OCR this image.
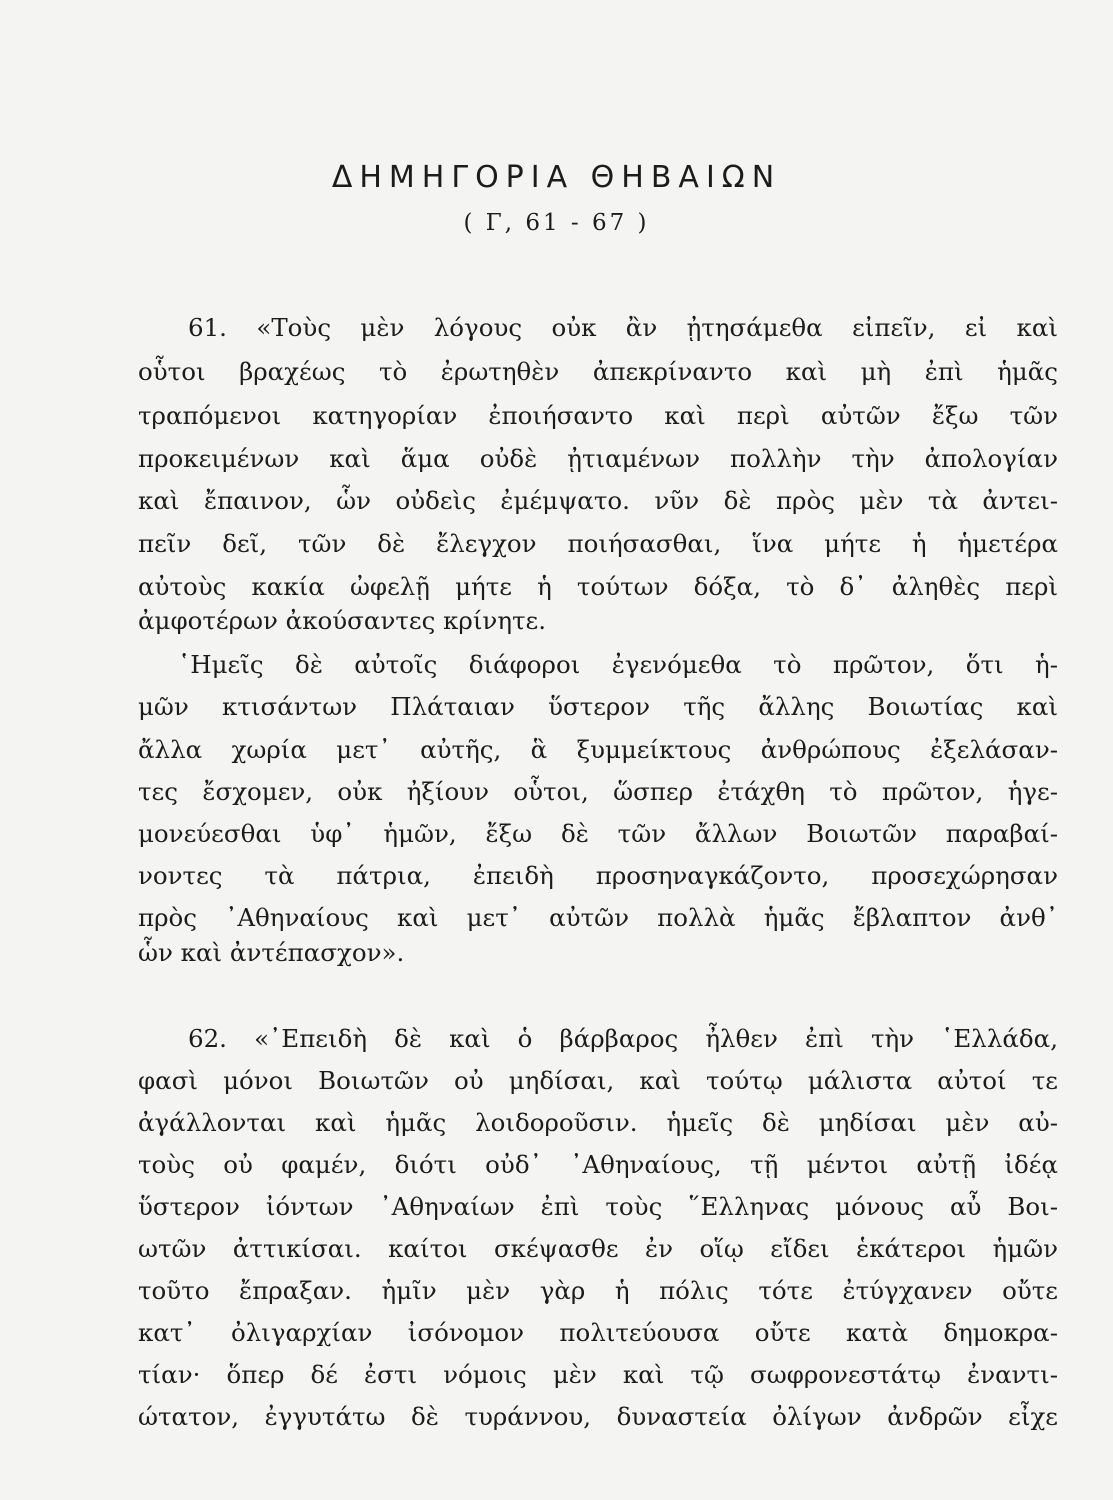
ΔΗΜΗΓΟΡΙΑ ΘΗΒΑΙΩΝ
( Γ, 61 - 67 )
61. «Τοὺς μὲν λόγους οὐκ ἂν ᾐτησάμεθα εἰπεῖν, εἰ καὶ
οὗτοι βραχέως τὸ ἐρωτηθὲν ἀπεκρίναντο καὶ μὴ ἐπὶ ἡμᾶς
τραπόμενοι κατηγορίαν ἐποιήσαντο καὶ περὶ αὐτῶν ἔξω τῶν
προκειμένων καὶ ἅμα οὐδὲ ᾐτιαμένων πολλὴν τὴν ἀπολογίαν
καὶ ἔπαινον, ὧν οὐδεὶς ἐμέμψατο. νῦν δὲ πρὸς μὲν τὰ ἀντει-
πεῖν δεῖ, τῶν δὲ ἔλεγχον ποιήσασθαι, ἵνα μήτε ἡ ἡμετέρα
αὐτοὺς κακία ὠφελῇ μήτε ἡ τούτων δόξα, τὸ δ᾽ ἀληθὲς περὶ
ἀμφοτέρων ἀκούσαντες κρίνητε.
῾Ημεῖς δὲ αὐτοῖς διάφοροι ἐγενόμεθα τὸ πρῶτον, ὅτι ἡ-
μῶν κτισάντων Πλάταιαν ὕστερον τῆς ἄλλης Βοιωτίας καὶ
ἄλλα χωρία μετ᾽ αὐτῆς, ἃ ξυμμείκτους ἀνθρώπους ἐξελάσαν-
τες ἔσχομεν, οὐκ ἠξίουν οὗτοι, ὥσπερ ἐτάχθη τὸ πρῶτον, ἡγε-
μονεύεσθαι ὑφ᾽ ἡμῶν, ἔξω δὲ τῶν ἄλλων Βοιωτῶν παραβαί-
νοντες τὰ πάτρια, ἐπειδὴ προσηναγκάζοντο, προσεχώρησαν
πρὸς ᾽Αθηναίους καὶ μετ᾽ αὐτῶν πολλὰ ἡμᾶς ἔβλαπτον ἀνθ᾽
ὧν καὶ ἀντέπασχον».
62. «᾽Επειδὴ δὲ καὶ ὁ βάρβαρος ἦλθεν ἐπὶ τὴν ῾Ελλάδα,
φασὶ μόνοι Βοιωτῶν οὐ μηδίσαι, καὶ τούτῳ μάλιστα αὐτοί τε
ἀγάλλονται καὶ ἡμᾶς λοιδοροῦσιν. ἡμεῖς δὲ μηδίσαι μὲν αὐ-
τοὺς οὐ φαμέν, διότι οὐδ᾽ ᾽Αθηναίους, τῇ μέντοι αὐτῇ ἰδέᾳ
ὕστερον ἰόντων ᾽Αθηναίων ἐπὶ τοὺς ῞Ελληνας μόνους αὖ Βοι-
ωτῶν ἀττικίσαι. καίτοι σκέψασθε ἐν οἵῳ εἴδει ἑκάτεροι ἡμῶν
τοῦτο ἔπραξαν. ἡμῖν μὲν γὰρ ἡ πόλις τότε ἐτύγχανεν οὔτε
κατ᾽ ὀλιγαρχίαν ἰσόνομον πολιτεύουσα οὔτε κατὰ δημοκρα-
τίαν· ὅπερ δέ ἐστι νόμοις μὲν καὶ τῷ σωφρονεστάτῳ ἐναντι-
ώτατον, ἐγγυτάτω δὲ τυράννου, δυναστεία ὀλίγων ἀνδρῶν εἶχε
